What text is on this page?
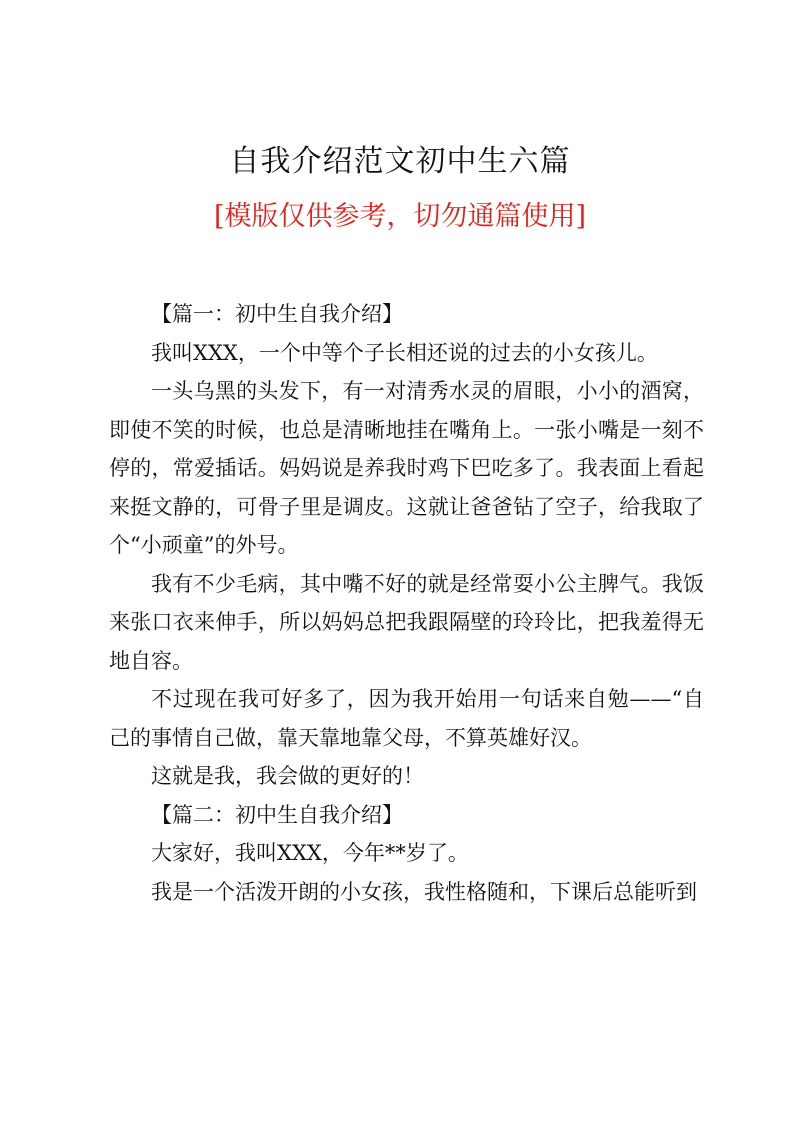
自我介绍范文初中生六篇
[模版仅供参考，切勿通篇使用]

【篇一：初中生自我介绍】

我叫XXX，一个中等个子长相还说的过去的小女孩儿。

一头乌黑的头发下，有一对清秀水灵的眉眼，小小的酒窝，即使不笑的时候，也总是清晰地挂在嘴角上。一张小嘴是一刻不停的，常爱插话。妈妈说是养我时鸡下巴吃多了。我表面上看起来挺文静的，可骨子里是调皮。这就让爸爸钻了空子，给我取了个“小顽童”的外号。

我有不少毛病，其中嘴不好的就是经常耍小公主脾气。我饭来张口衣来伸手，所以妈妈总把我跟隔壁的玲玲比，把我羞得无地自容。

不过现在我可好多了，因为我开始用一句话来自勉——“自己的事情自己做，靠天靠地靠父母，不算英雄好汉。

这就是我，我会做的更好的！

【篇二：初中生自我介绍】

大家好，我叫XXX，今年**岁了。

我是一个活泼开朗的小女孩，我性格随和，下课后总能听到
